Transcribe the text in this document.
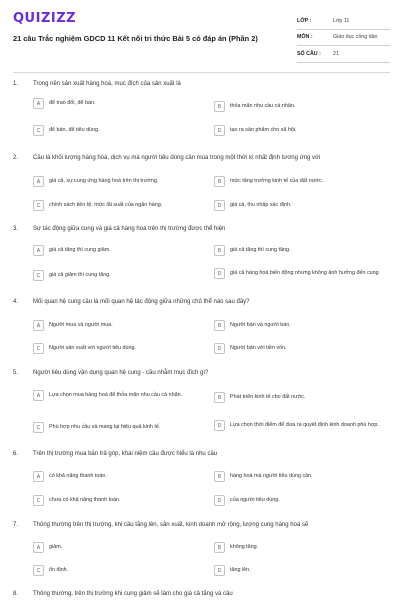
QUIZIZZ
21 câu Trắc nghiệm GDCD 11 Kết nối tri thức Bài 5 có đáp án (Phần 2)
LỚP :	Lớp 11
MÔN :	Giáo dục công dân
SỐ CÂU :	21
1. Trong nền sản xuất hàng hoá, mục đích của sản xuất là
A	để trao đổi, để bán.
B	thỏa mãn nhu cầu cá nhân.
C	để bán, để tiêu dùng.	D	tạo ra sản phẩm cho xã hội.
2. Cầu là khối lượng hàng hoá, dịch vụ mà người tiêu dùng cần mua trong một thời kì nhất định tương ứng với
A	giá cả, sự cung ứng hàng hoá trên thị trường.	B	mức tăng trưởng kinh tế của đất nước.
C	chính sách tiền tệ, mức lãi suất của ngân hàng.	D	giá cả, thu nhập xác định.
3. Sự tác động giữa cung và giá cả hàng hoá trên thị trường được thể hiện
A	giá cả tăng thì cung giảm.	B	giá cả tăng thì cung tăng.
C	giá cả giảm thì cung tăng.	D	giá cả hàng hoá biến động nhưng không ảnh hưởng đến cung
4. Mối quan hệ cung cầu là mối quan hệ tác động giữa những chủ thể nào sau đây?
A	Người mua và người mua.	B	Người bán và người bán.
C	Người sản xuất với người tiêu dùng.	D	Người bán với tiền vốn.
5. Người tiêu dùng vận dụng quan hệ cung - cầu nhằm mục đích gì?
A	Lựa chọn mua hàng hoá để thỏa mãn nhu cầu cá nhân.	B	Phát triển kinh tế cho đất nước.
C	Phù hợp nhu cầu và mang lại hiệu quả kinh tế.	D	Lựa chọn thời điểm để đưa ra quyết định kinh doanh phù hợp.
6. Trên thị trường mua bán trả góp, khái niệm cầu được hiểu là nhu cầu
A	có khả năng thanh toán.	B	hàng hoá mà người tiêu dùng cần.
C	chưa có khả năng thanh toán.	D	của người tiêu dùng.
7. Thông thường trên thị trường, khi cầu tăng lên, sản xuất, kinh doanh mở rộng, lượng cung hàng hoá sẽ
A	giảm.	B	không tăng.
C	ổn định.	D	tăng lên.
8. Thông thường, trên thị trường khi cung giảm sẽ làm cho giá cả tăng và cầu
